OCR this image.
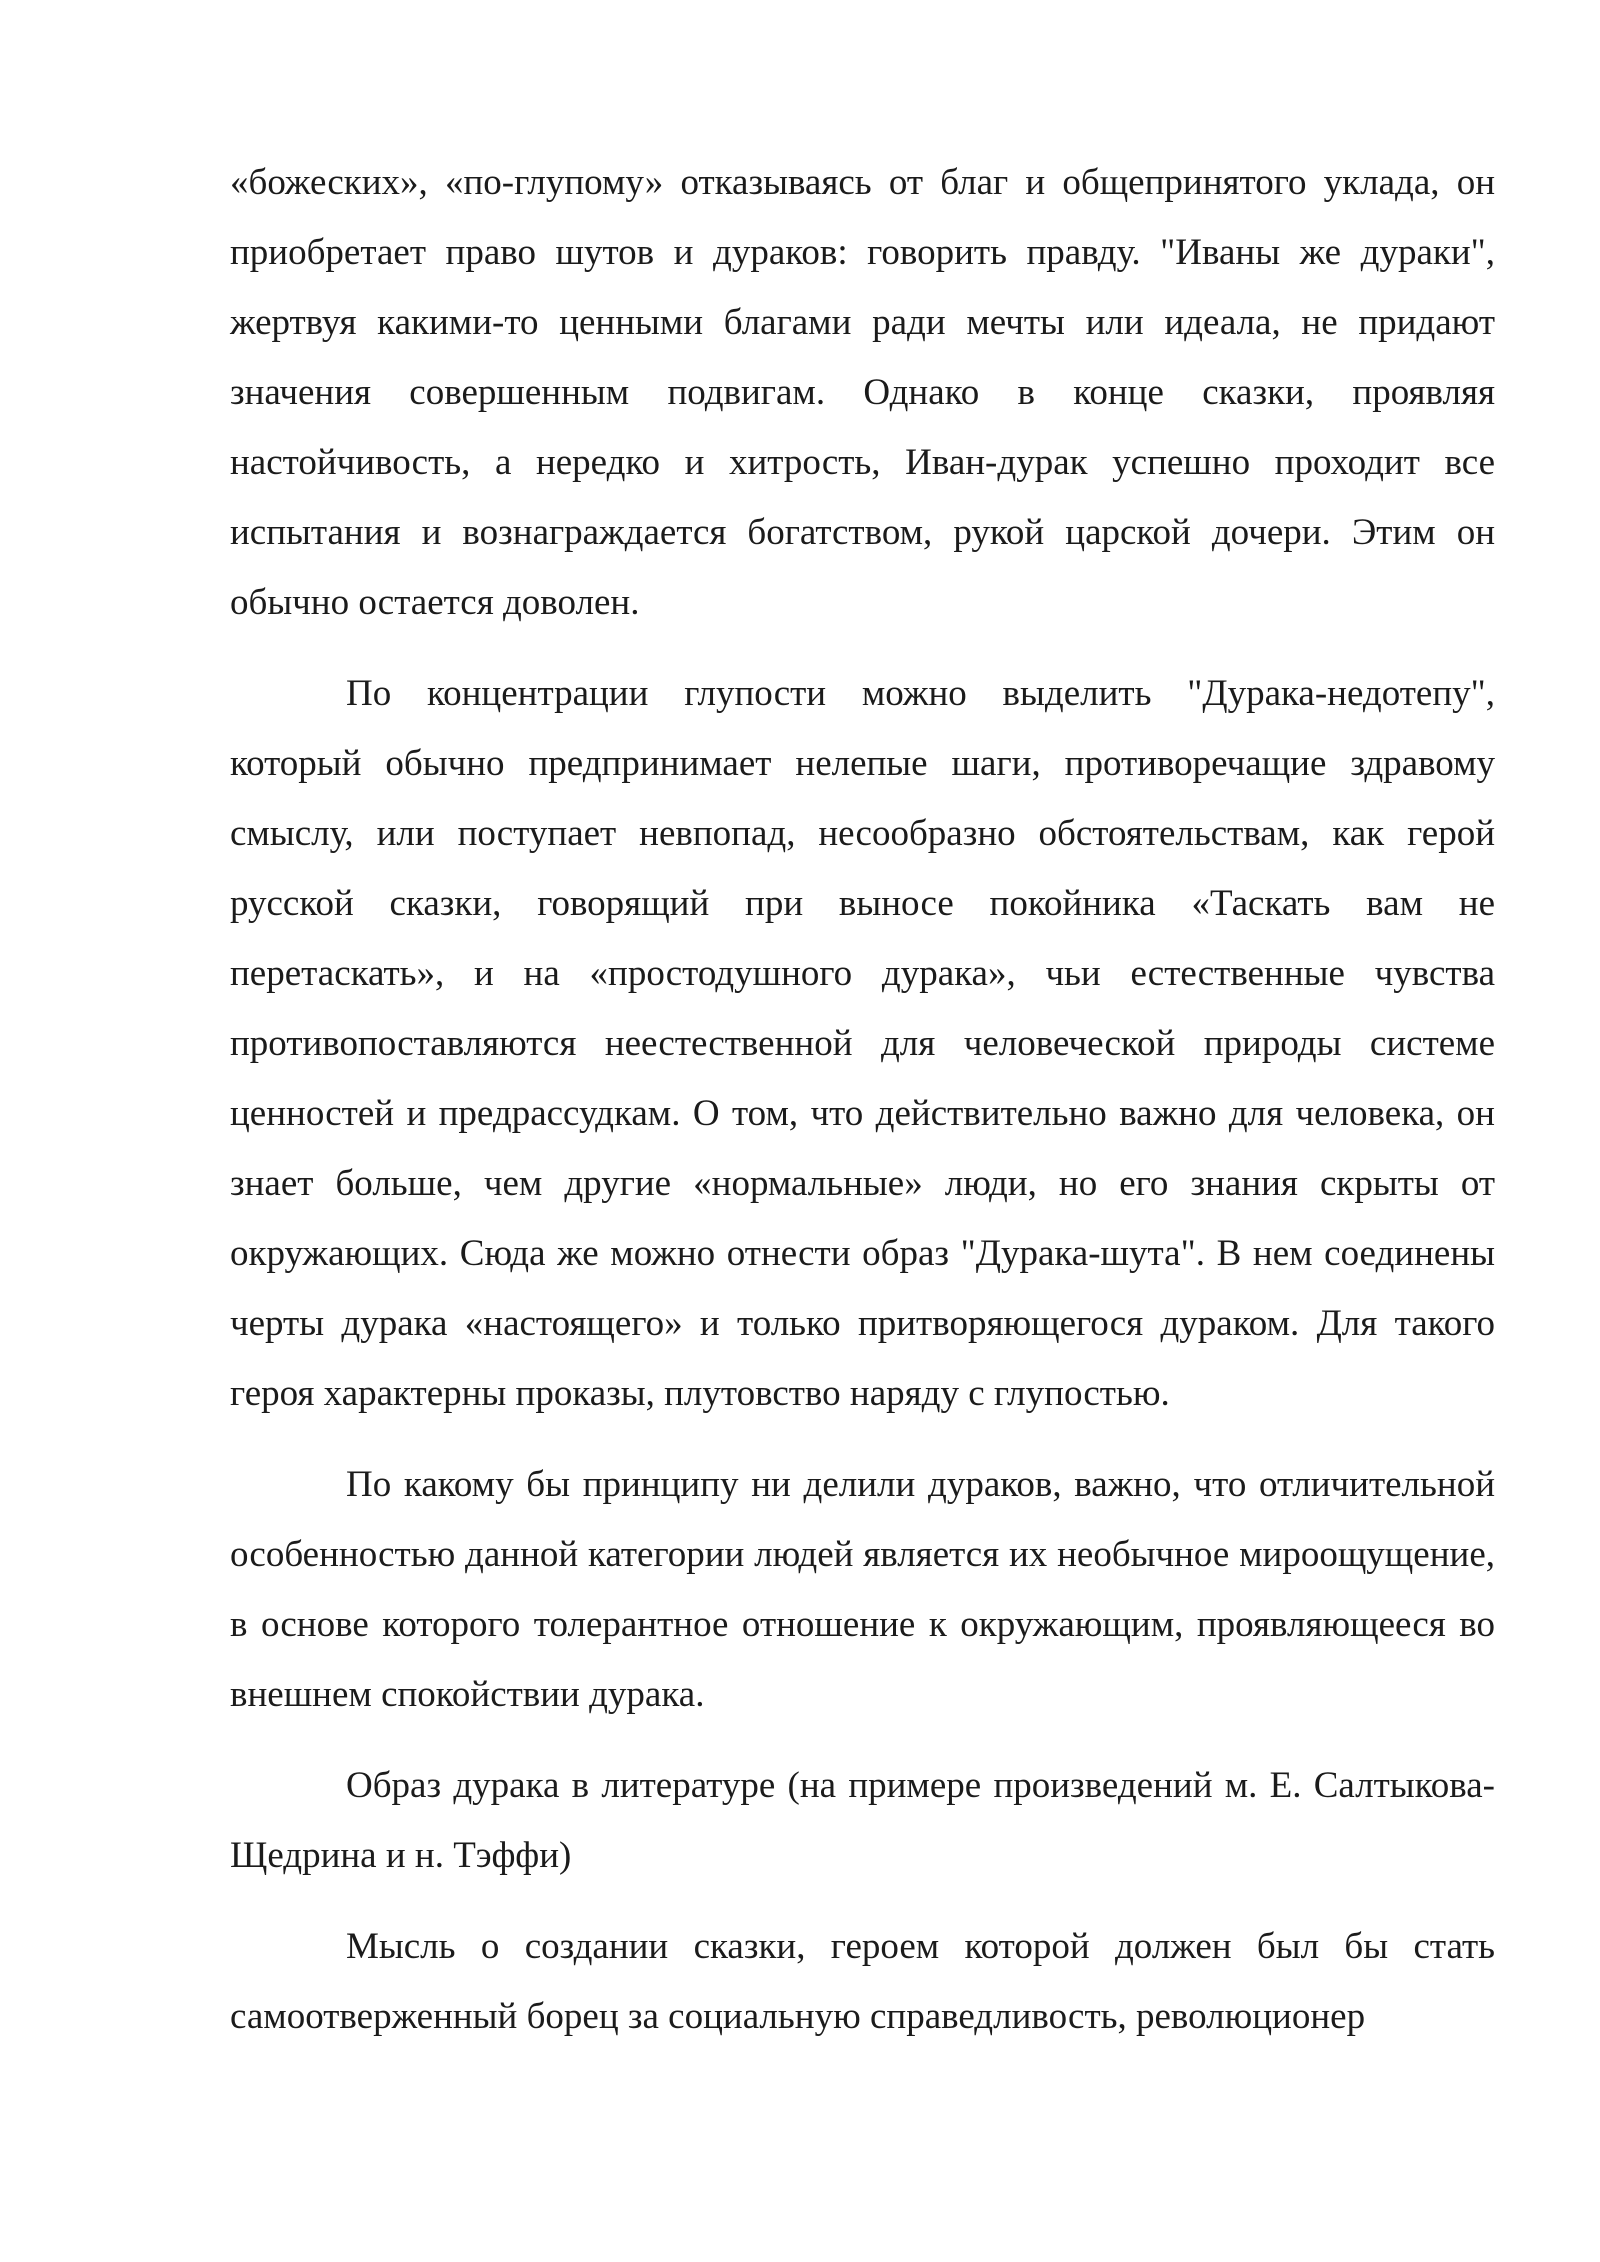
«божеских», «по-глупому» отказываясь от благ и общепринятого уклада, он приобретает право шутов и дураков: говорить правду. "Иваны же дураки", жертвуя какими-то ценными благами ради мечты или идеала, не придают значения совершенным подвигам. Однако в конце сказки, проявляя настойчивость, а нередко и хитрость, Иван-дурак успешно проходит все испытания и вознаграждается богатством, рукой царской дочери. Этим он обычно остается доволен.

По концентрации глупости можно выделить "Дурака-недотепу", который обычно предпринимает нелепые шаги, противоречащие здравому смыслу, или поступает невпопад, несообразно обстоятельствам, как герой русской сказки, говорящий при выносе покойника «Таскать вам не перетаскать», и на «простодушного дурака», чьи естественные чувства противопоставляются неестественной для человеческой природы системе ценностей и предрассудкам. О том, что действительно важно для человека, он знает больше, чем другие «нормальные» люди, но его знания скрыты от окружающих. Сюда же можно отнести образ "Дурака-шута". В нем соединены черты дурака «настоящего» и только притворяющегося дураком. Для такого героя характерны проказы, плутовство наряду с глупостью.

По какому бы принципу ни делили дураков, важно, что отличительной особенностью данной категории людей является их необычное мироощущение, в основе которого толерантное отношение к окружающим, проявляющееся во внешнем спокойствии дурака.

Образ дурака в литературе (на примере произведений м. Е. Салтыкова-Щедрина и н. Тэффи)

Мысль о создании сказки, героем которой должен был бы стать самоотверженный борец за социальную справедливость, революционер
